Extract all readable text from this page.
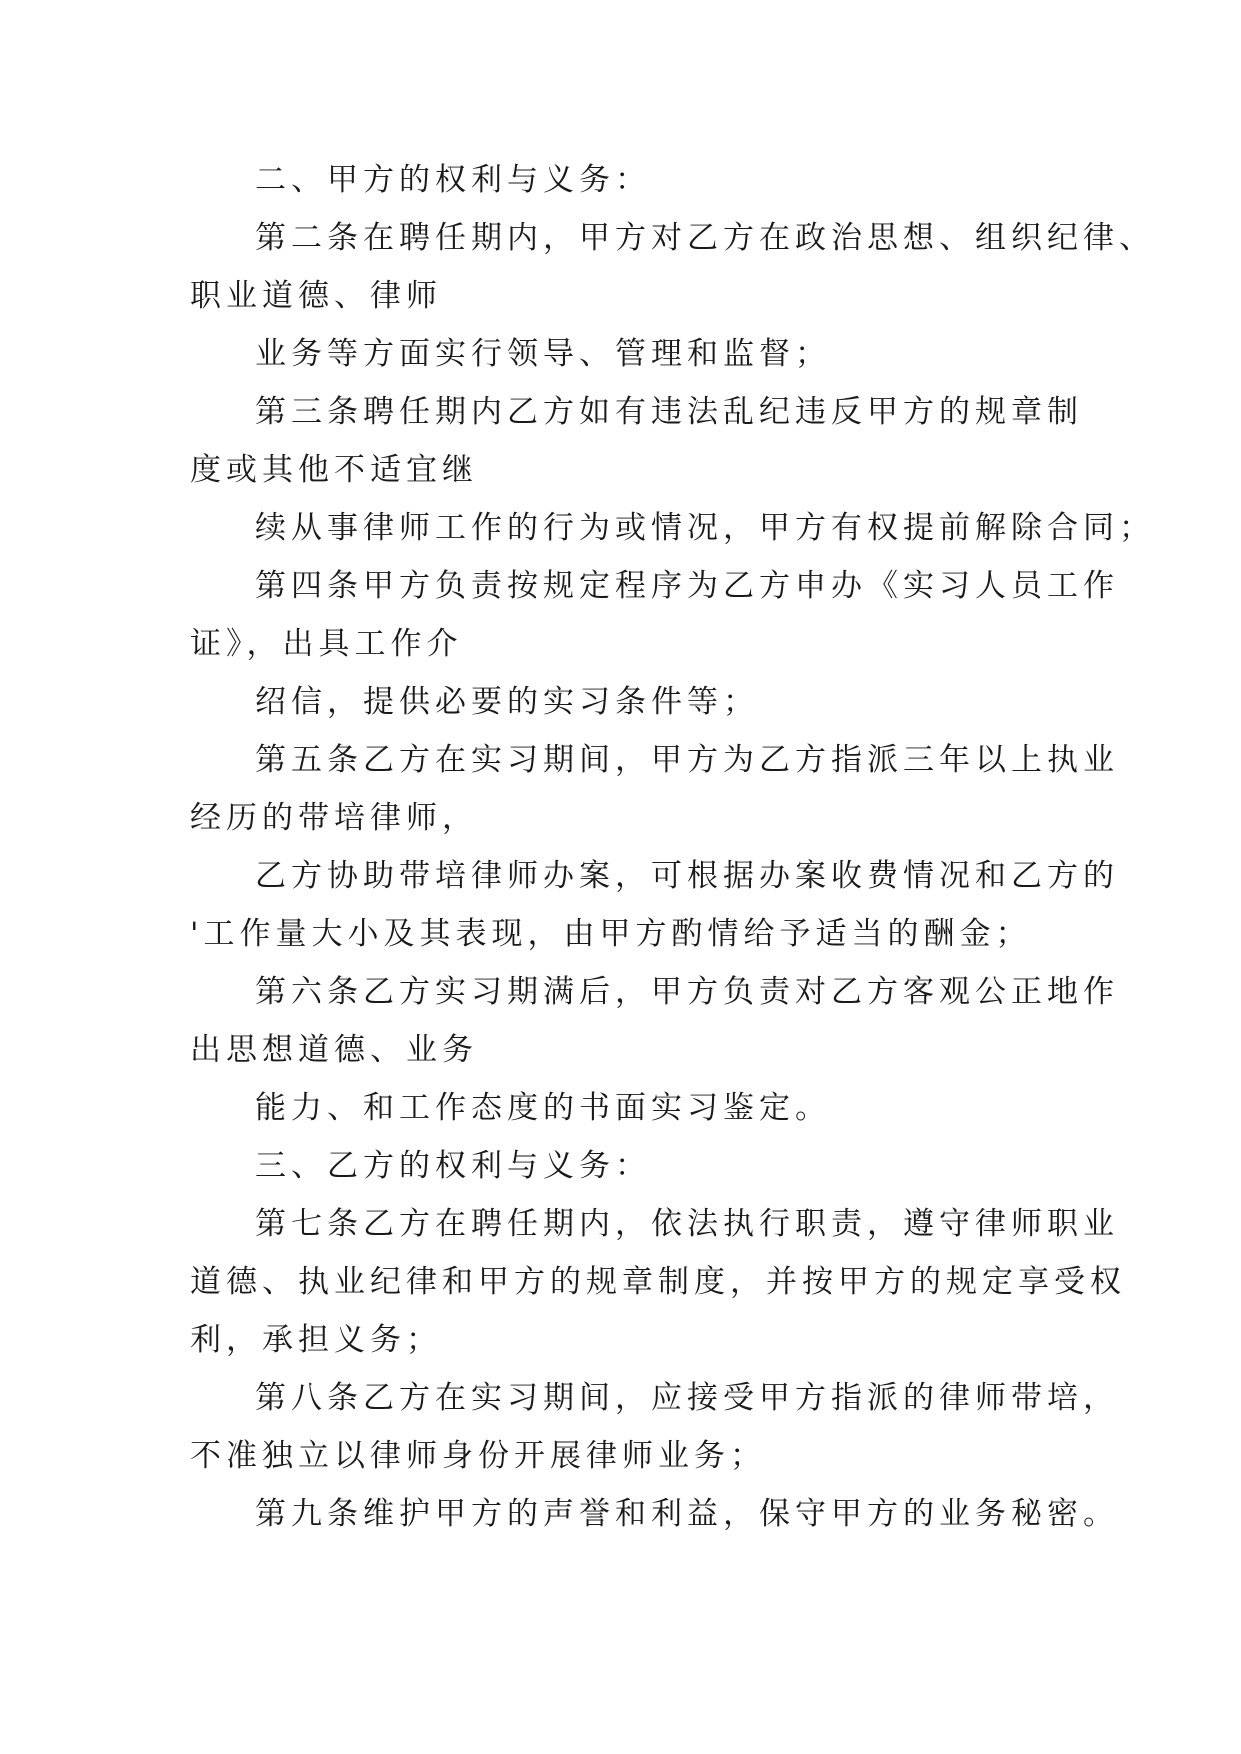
二、甲方的权利与义务：
第二条在聘任期内，甲方对乙方在政治思想、组织纪律、
职业道德、律师
业务等方面实行领导、管理和监督；
第三条聘任期内乙方如有违法乱纪违反甲方的规章制
度或其他不适宜继
续从事律师工作的行为或情况，甲方有权提前解除合同；
第四条甲方负责按规定程序为乙方申办《实习人员工作
证》，出具工作介
绍信，提供必要的实习条件等；
第五条乙方在实习期间，甲方为乙方指派三年以上执业
经历的带培律师，
乙方协助带培律师办案，可根据办案收费情况和乙方的
'工作量大小及其表现，由甲方酌情给予适当的酬金；
第六条乙方实习期满后，甲方负责对乙方客观公正地作
出思想道德、业务
能力、和工作态度的书面实习鉴定。
三、乙方的权利与义务：
第七条乙方在聘任期内，依法执行职责，遵守律师职业
道德、执业纪律和甲方的规章制度，并按甲方的规定享受权
利，承担义务；
第八条乙方在实习期间，应接受甲方指派的律师带培，
不准独立以律师身份开展律师业务；
第九条维护甲方的声誉和利益，保守甲方的业务秘密。
